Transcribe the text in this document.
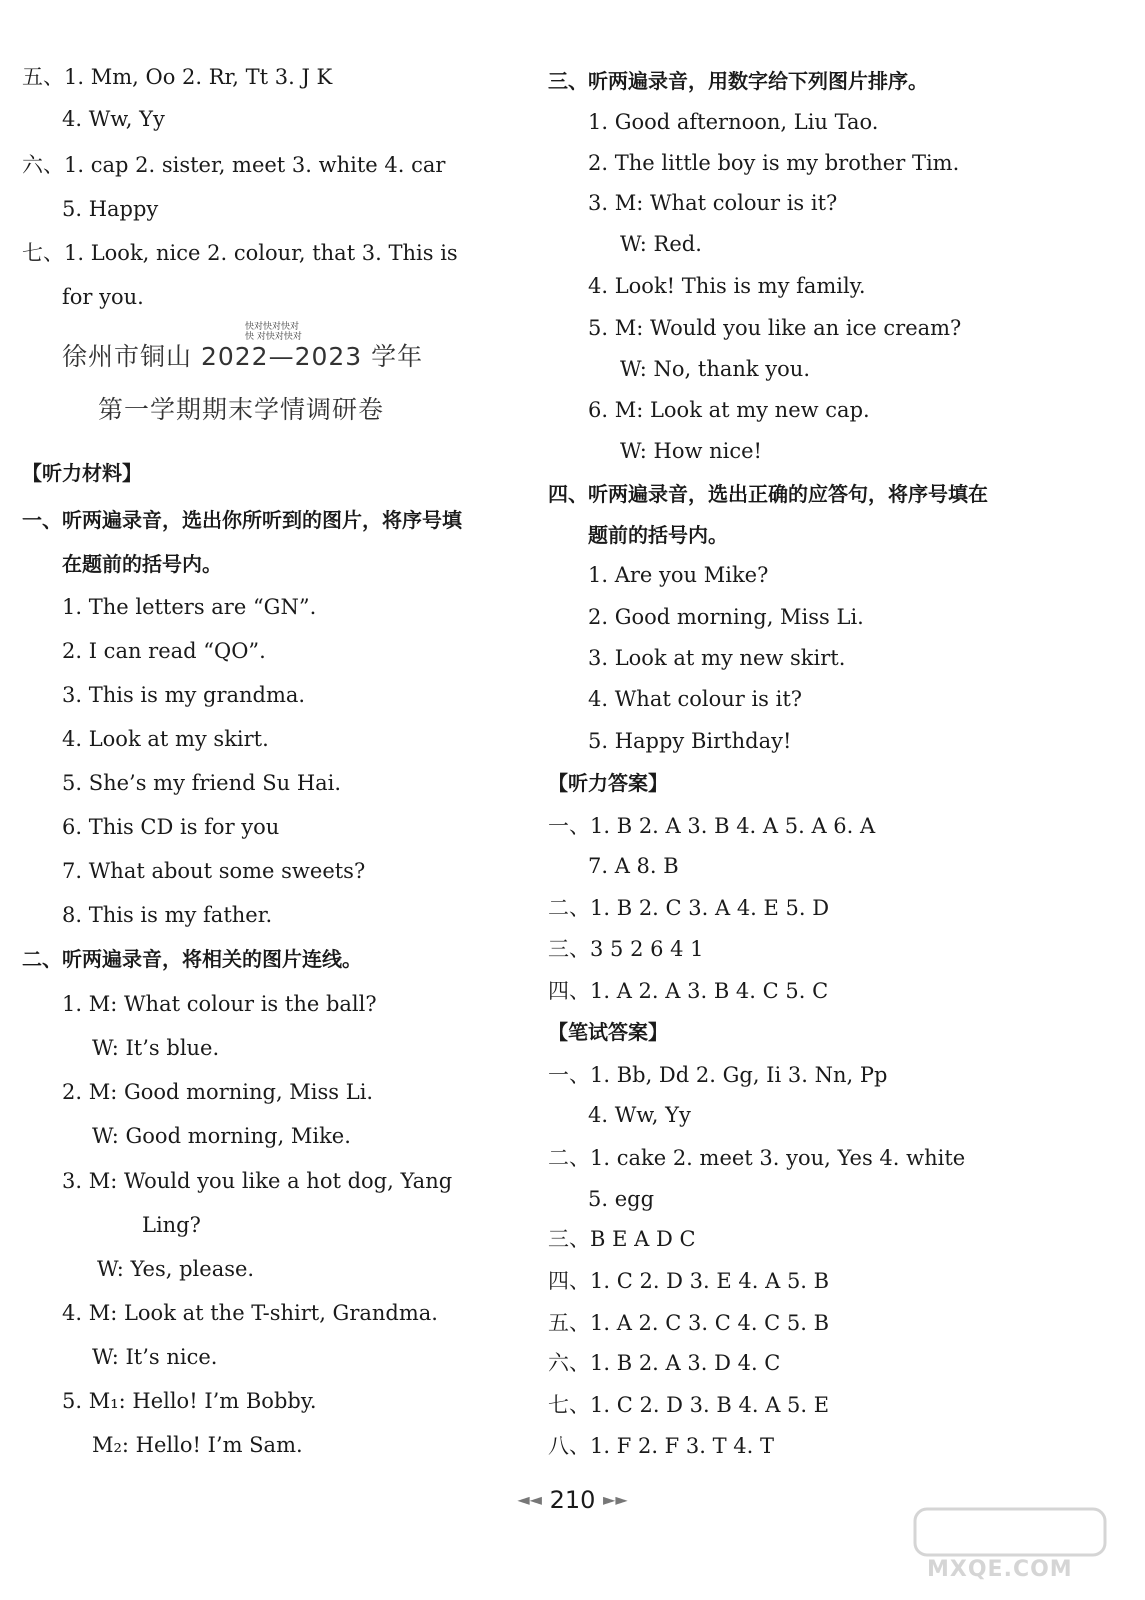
五、1. Mm, Oo 2. Rr, Tt 3. J K
4. Ww, Yy
六、1. cap 2. sister, meet 3. white 4. car
5. Happy
七、1. Look, nice 2. colour, that 3. This is
for you.
徐州市铜山 2022—2023 学年
第一学期期末学情调研卷
【听力材料】
一、听两遍录音，选出你所听到的图片，将序号填
在题前的括号内。
1. The letters are “GN”.
2. I can read “QO”.
3. This is my grandma.
4. Look at my skirt.
5. She’s my friend Su Hai.
6. This CD is for you
7. What about some sweets?
8. This is my father.
二、听两遍录音，将相关的图片连线。
1. M: What colour is the ball?
W: It’s blue.
2. M: Good morning, Miss Li.
W: Good morning, Mike.
3. M: Would you like a hot dog, Yang
Ling?
W: Yes, please.
4. M: Look at the T-shirt, Grandma.
W: It’s nice.
5. M₁: Hello! I’m Bobby.
M₂: Hello! I’m Sam.
三、听两遍录音，用数字给下列图片排序。
1. Good afternoon, Liu Tao.
2. The little boy is my brother Tim.
3. M: What colour is it?
W: Red.
4. Look! This is my family.
5. M: Would you like an ice cream?
W: No, thank you.
6. M: Look at my new cap.
W: How nice!
四、听两遍录音，选出正确的应答句，将序号填在
题前的括号内。
1. Are you Mike?
2. Good morning, Miss Li.
3. Look at my new skirt.
4. What colour is it?
5. Happy Birthday!
【听力答案】
一、1. B 2. A 3. B 4. A 5. A 6. A
7. A 8. B
二、1. B 2. C 3. A 4. E 5. D
三、3 5 2 6 4 1
四、1. A 2. A 3. B 4. C 5. C
【笔试答案】
一、1. Bb, Dd 2. Gg, Ii 3. Nn, Pp
4. Ww, Yy
二、1. cake 2. meet 3. you, Yes 4. white
5. egg
三、B E A D C
四、1. C 2. D 3. E 4. A 5. B
五、1. A 2. C 3. C 4. C 5. B
六、1. B 2. A 3. D 4. C
七、1. C 2. D 3. B 4. A 5. E
八、1. F 2. F 3. T 4. T
快对快对快对
快 对快对快对
◄◄ 210 ►►
MXQE.COM
